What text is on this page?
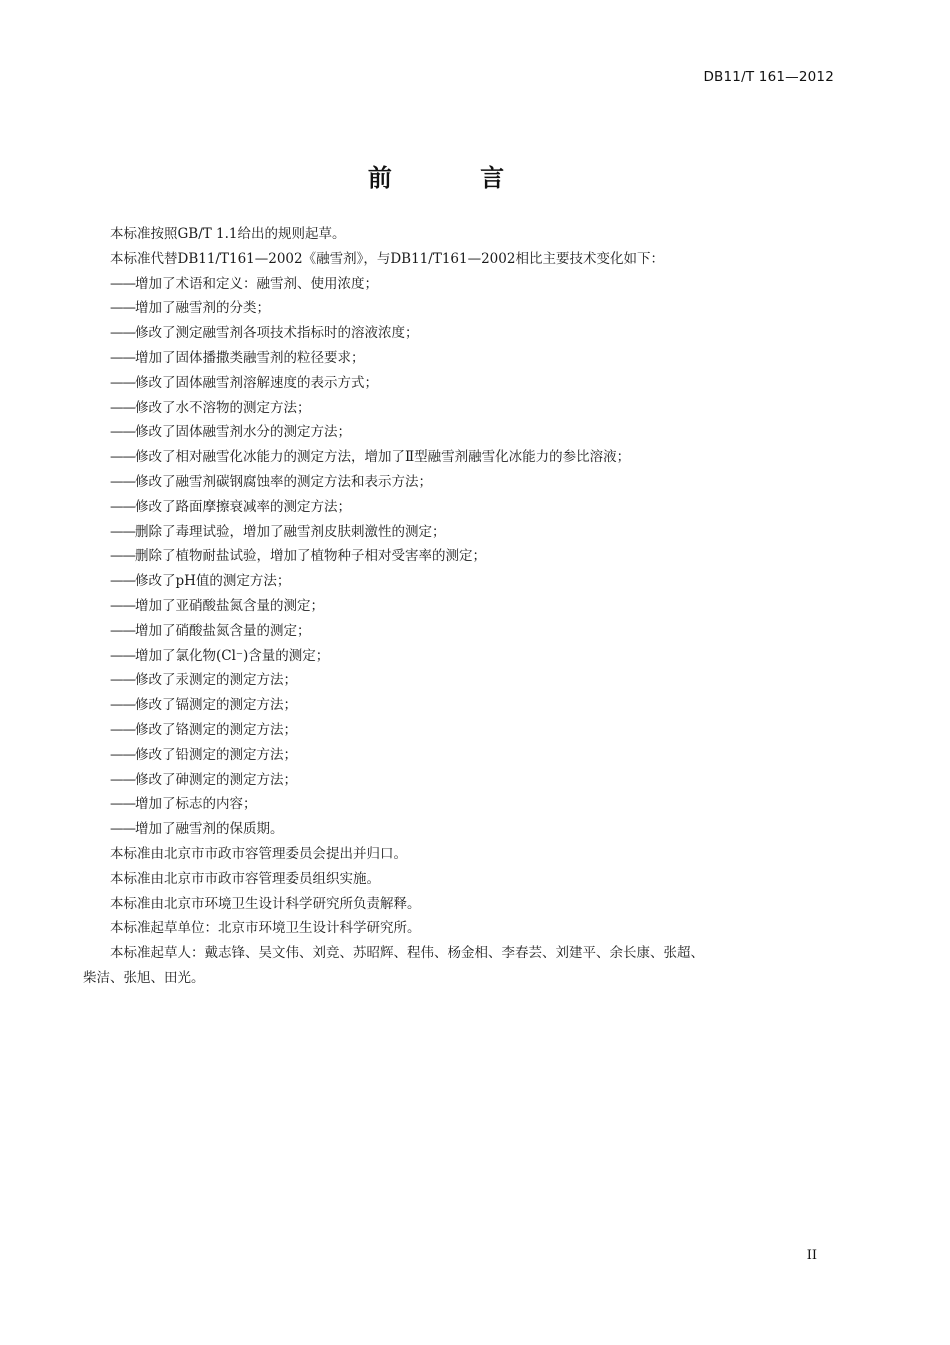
DB11/T 161—2012
前 言
本标准按照GB/T 1.1给出的规则起草。
本标准代替DB11/T161—2002《融雪剂》，与DB11/T161—2002相比主要技术变化如下：
——增加了术语和定义：融雪剂、使用浓度；
——增加了融雪剂的分类；
——修改了测定融雪剂各项技术指标时的溶液浓度；
——增加了固体播撒类融雪剂的粒径要求；
——修改了固体融雪剂溶解速度的表示方式；
——修改了水不溶物的测定方法；
——修改了固体融雪剂水分的测定方法；
——修改了相对融雪化冰能力的测定方法，增加了Ⅱ型融雪剂融雪化冰能力的参比溶液；
——修改了融雪剂碳钢腐蚀率的测定方法和表示方法；
——修改了路面摩擦衰减率的测定方法；
——删除了毒理试验，增加了融雪剂皮肤刺激性的测定；
——删除了植物耐盐试验，增加了植物种子相对受害率的测定；
——修改了pH值的测定方法；
——增加了亚硝酸盐氮含量的测定；
——增加了硝酸盐氮含量的测定；
——增加了氯化物(Cl⁻)含量的测定；
——修改了汞测定的测定方法；
——修改了镉测定的测定方法；
——修改了铬测定的测定方法；
——修改了铅测定的测定方法；
——修改了砷测定的测定方法；
——增加了标志的内容；
——增加了融雪剂的保质期。
本标准由北京市市政市容管理委员会提出并归口。
本标准由北京市市政市容管理委员组织实施。
本标准由北京市环境卫生设计科学研究所负责解释。
本标准起草单位：北京市环境卫生设计科学研究所。
本标准起草人：戴志锋、吴文伟、刘竞、苏昭辉、程伟、杨金相、李春芸、刘建平、余长康、张超、
柴洁、张旭、田光。
II
